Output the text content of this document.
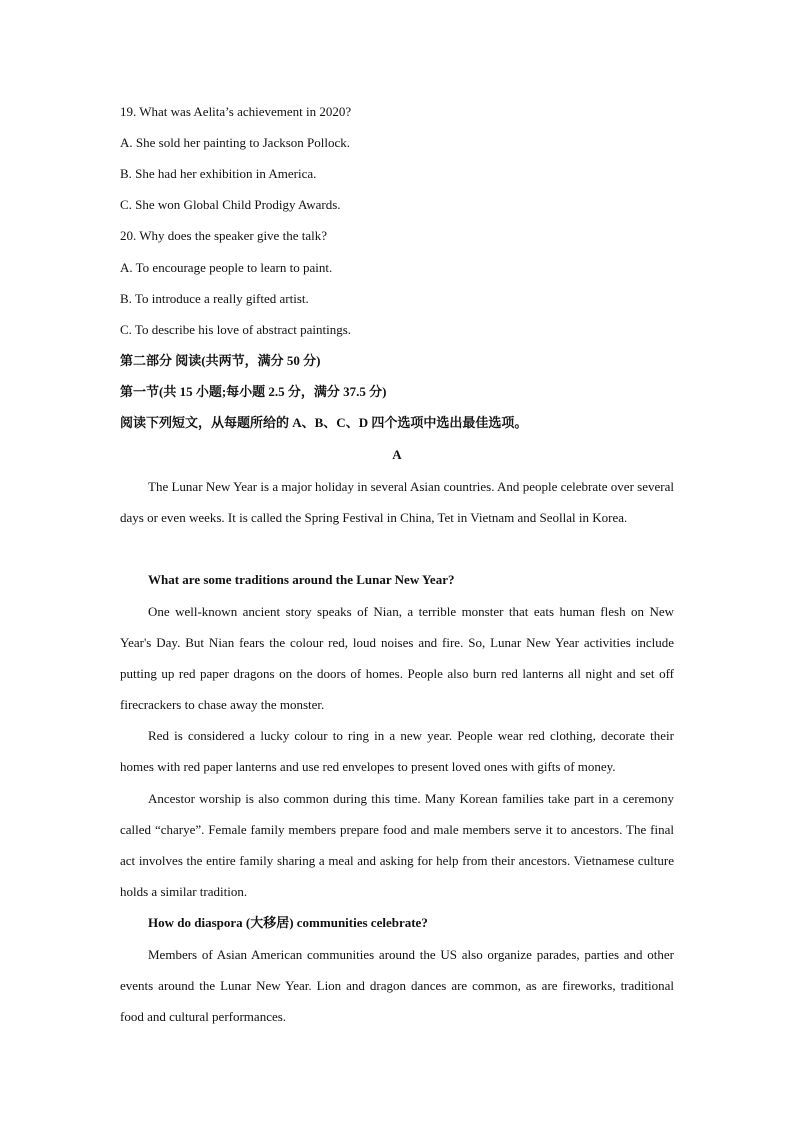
19. What was Aelita’s achievement in 2020?
A. She sold her painting to Jackson Pollock.
B. She had her exhibition in America.
C. She won Global Child Prodigy Awards.
20. Why does the speaker give the talk?
A. To encourage people to learn to paint.
B. To introduce a really gifted artist.
C. To describe his love of abstract paintings.
第二部分 阅读(共两节，满分 50 分)
第一节(共 15 小题;每小题 2.5 分，满分 37.5 分)
阅读下列短文，从每题所给的 A、B、C、D 四个选项中选出最佳选项。
A

The Lunar New Year is a major holiday in several Asian countries. And people celebrate over several days or even weeks. It is called the Spring Festival in China, Tet in Vietnam and Seollal in Korea.

What are some traditions around the Lunar New Year?

One well-known ancient story speaks of Nian, a terrible monster that eats human flesh on New Year's Day. But Nian fears the colour red, loud noises and fire. So, Lunar New Year activities include putting up red paper dragons on the doors of homes. People also burn red lanterns all night and set off firecrackers to chase away the monster.

Red is considered a lucky colour to ring in a new year. People wear red clothing, decorate their homes with red paper lanterns and use red envelopes to present loved ones with gifts of money.

Ancestor worship is also common during this time. Many Korean families take part in a ceremony called “charye”. Female family members prepare food and male members serve it to ancestors. The final act involves the entire family sharing a meal and asking for help from their ancestors. Vietnamese culture holds a similar tradition.

How do diaspora (大移居) communities celebrate?

Members of Asian American communities around the US also organize parades, parties and other events around the Lunar New Year. Lion and dragon dances are common, as are fireworks, traditional food and cultural performances.
